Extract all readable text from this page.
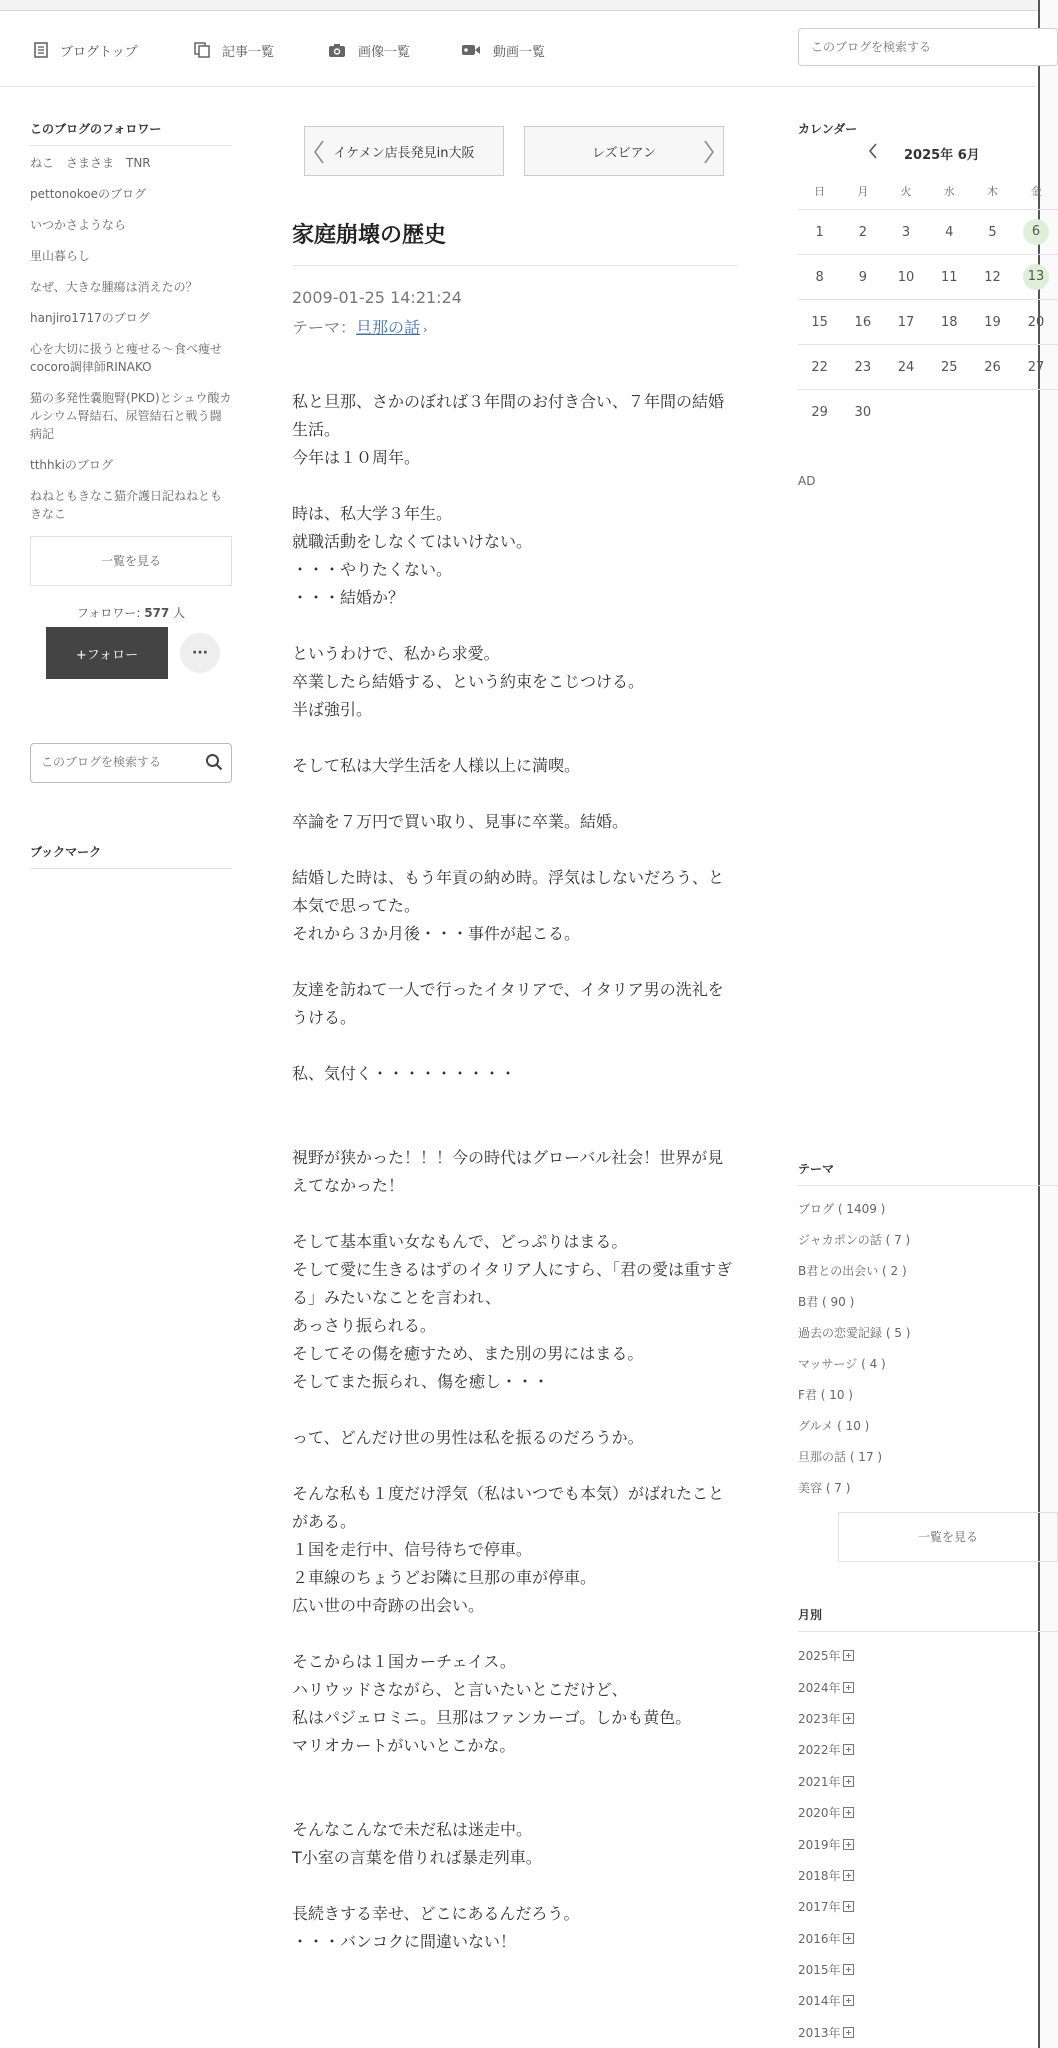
ブログトップ	記事一覧	画像一覧	動画一覧
このブログを検索する
このブログのフォロワー
ねこ　さまさま　TNR
pettonokoeのブログ
いつかさようなら
里山暮らし
なぜ、大きな腫瘍は消えたの？
hanjiro1717のブログ
心を大切に扱うと痩せる～食べ痩せcocoro調律師RINAKO
猫の多発性嚢胞腎(PKD)とシュウ酸カルシウム腎結石、尿管結石と戦う闘病記
tthhkiのブログ
ねねともきなこ猫介護日記ねねともきなこ
一覧を見る
フォロワー: 577 人
+フォロー	···
このブログを検索する
ブックマーク
イケメン店長発見in大阪	レズビアン
家庭崩壊の歴史
2009-01-25 14:21:24
テーマ：旦那の話 ›
私と旦那、さかのぼれば３年間のお付き合い、７年間の結婚生活。
今年は１０周年。
時は、私大学３年生。
就職活動をしなくてはいけない。
・・・やりたくない。
・・・結婚か？
というわけで、私から求愛。
卒業したら結婚する、という約束をこじつける。
半ば強引。
そして私は大学生活を人様以上に満喫。
卒論を７万円で買い取り、見事に卒業。結婚。
結婚した時は、もう年貢の納め時。浮気はしないだろう、と本気で思ってた。
それから３か月後・・・事件が起こる。
友達を訪ねて一人で行ったイタリアで、イタリア男の洗礼をうける。
私、気付く・・・・・・・・・
視野が狭かった！！！今の時代はグローバル社会！世界が見えてなかった！
そして基本重い女なもんで、どっぷりはまる。
そして愛に生きるはずのイタリア人にすら、「君の愛は重すぎる」みたいなことを言われ、
あっさり振られる。
そしてその傷を癒すため、また別の男にはまる。
そしてまた振られ、傷を癒し・・・
って、どんだけ世の男性は私を振るのだろうか。
そんな私も１度だけ浮気（私はいつでも本気）がばれたことがある。
１国を走行中、信号待ちで停車。
２車線のちょうどお隣に旦那の車が停車。
広い世の中奇跡の出会い。
そこからは１国カーチェイス。
ハリウッドさながら、と言いたいとこだけど、
私はパジェロミニ。旦那はファンカーゴ。しかも黄色。
マリオカートがいいとこかな。
そんなこんなで未だ私は迷走中。
T小室の言葉を借りれば暴走列車。
長続きする幸せ、どこにあるんだろう。
・・・バンコクに間違いない！
カレンダー
2025年 6月
日	月	火	水	木	金
1	2	3	4	5	6
8	9	10	11	12	13
15	16	17	18	19	20
22	23	24	25	26	27
29	30				
AD
テーマ
ブログ ( 1409 )
ジャカポンの話 ( 7 )
B君との出会い ( 2 )
B君 ( 90 )
過去の恋愛記録 ( 5 )
マッサージ ( 4 )
F君 ( 10 )
グルメ ( 10 )
旦那の話 ( 17 )
美容 ( 7 )
一覧を見る
月別
2025年
2024年
2023年
2022年
2021年
2020年
2019年
2018年
2017年
2016年
2015年
2014年
2013年
